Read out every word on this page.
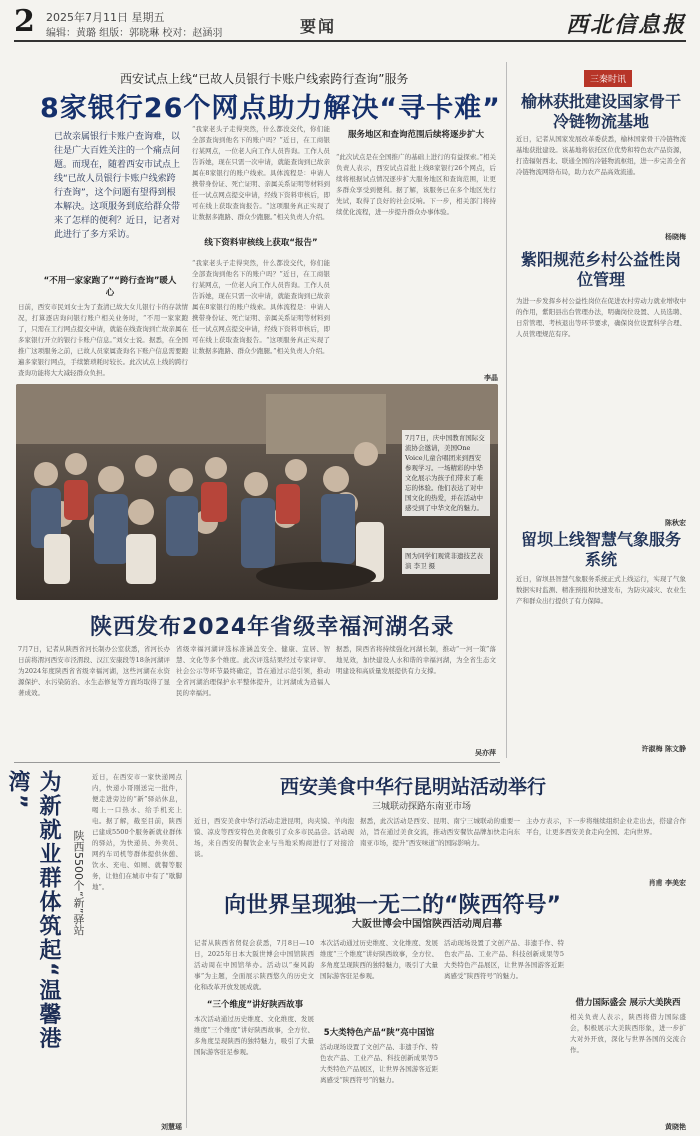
2 2025年7月11日 星期五
编辑：黄璐 组版：郭晓琳 校对：赵涵羽	要闻	西北信息报
西安试点上线“已故人员银行卡账户线索跨行查询”服务
8家银行26个网点助力解决“寻卡难”
已故亲属银行卡账户查询难，以往是广大百姓关注的一个痛点问题。而现在，随着西安市试点上线“已故人员银行卡账户线索跨行查询”，这个问题有望得到根本解决。这项服务到底给群众带来了怎样的便利？近日，记者对此进行了多方采访。
“不用一家家跑了”“跨行查询”暖人心
日前，西安市民刘女士为了查清已故大女儿银行卡的存款情况，打算逐店询问银行账户相关业务时，“不用一家家跑了，只需在工行网点提交申请，就能在线查询到亡故亲属在多家银行开立的银行卡账户信息。”刘女士说。据悉，在全国推广这项服务之前，已故人员家属查询名下账户信息需要跑遍多家银行网点，手续繁琐耗时较长。此次试点上线的跨行查询功能将大大减轻群众负担。
“我家老头子走得突然，什么都没交代，你们能全部查询到他名下的账户吗？”近日，在工商银行某网点，一位老人向工作人员咨询。工作人员告诉她，现在只需一次申请，就能查询到已故亲属在8家银行的账户线索。具体流程是：申请人携带身份证、死亡证明、亲属关系证明等材料到任一试点网点提交申请，经线下资料审核后，即可在线上获取查询报告。“这项服务真正实现了让数据多跑路、群众少跑腿。”相关负责人介绍。
线下资料审核线上获取“报告”
“我家老头子走得突然，什么都没交代，你们能全部查询到他名下的账户吗？”近日，在工商银行某网点，一位老人向工作人员咨询。工作人员告诉她，现在只需一次申请，就能查询到已故亲属在8家银行的账户线索。具体流程是：申请人携带身份证、死亡证明、亲属关系证明等材料到任一试点网点提交申请，经线下资料审核后，即可在线上获取查询报告。“这项服务真正实现了让数据多跑路、群众少跑腿。”相关负责人介绍。
服务地区和查询范围后续将逐步扩大
“此次试点是在全国推广的基础上进行的有益探索。”相关负责人表示，西安试点首批上线8家银行26个网点，后续将根据试点情况逐步扩大服务地区和查询范围，让更多群众享受到便利。据了解，该服务已在多个地区先行先试，取得了良好的社会反响。下一步，相关部门将持续优化流程，进一步提升群众办事体验。
李晶
7月7日，庆中国教育国际交流协会邀请，美国One Voice儿童合唱团来到西安参观学习。一场精彩的中华文化展示为孩子们带来了难忘的体验。他们表达了对中国文化的热爱，并在活动中感受到了中华文化的魅力。
图为同学们观赏非遗技艺表演 李卫 摄
陕西发布2024年省级幸福河湖名录
7月7日，记者从陕西省河长制办公室获悉，省河长办日前将渭河西安市泾渭段、汉江安康段等18条河湖评为2024年度陕西省省级幸福河湖，这些河湖在水资源保护、水污染防治、水生态修复等方面均取得了显著成效。
省级幸福河湖评选标准涵盖安全、健康、宜居、智慧、文化等多个维度。此次评选结果经过专家评审、社会公示等环节最终确定，旨在通过示范引领，推动全省河湖治理保护水平整体提升，让河湖成为造福人民的幸福河。
据悉，陕西省将持续强化河湖长制，推动“一河一策”落地见效，加快建设人水和谐的幸福河湖，为全省生态文明建设和高质量发展提供有力支撑。
吴亦萍
为新就业群体筑起“温馨港湾”
陕西5500个“新”驿站
近日，在西安市一家快递网点内，快递小哥刚送完一批件，便走进旁边的“新”驿站休息，喝上一口热水、给手机充上电。据了解，截至目前，陕西已建成5500个服务新就业群体的驿站，为快递员、外卖员、网约车司机等群体提供休憩、饮水、充电、如厕、就餐等服务，让他们在城市中有了“歇脚地”。
刘慧瑶
西安美食中华行昆明站活动举行
三城联动探路东南亚市场
近日，西安美食中华行活动走进昆明，肉夹馍、羊肉泡馍、凉皮等西安特色美食吸引了众多市民品尝。活动现场，来自西安的餐饮企业与当地采购商进行了对接洽谈。
据悉，此次活动是西安、昆明、南宁三城联动的重要一站，旨在通过美食交流，推动西安餐饮品牌加快走向东南亚市场，提升“西安味道”的国际影响力。
主办方表示，下一步将继续组织企业走出去，搭建合作平台，让更多西安美食走向全国、走向世界。
肖甫 李美宏
向世界呈现独一无二的“陕西符号”
大阪世博会中国馆陕西活动周启幕
记者从陕西省贸促会获悉，7月8日—10日，2025年日本大阪世博会中国馆陕西活动周在中国馆举办。活动以“秦风韵事”为主题，全面展示陕西悠久的历史文化和改革开放发展成就。
“三个维度”讲好陕西故事
本次活动通过历史维度、文化维度、发展维度“三个维度”讲好陕西故事，全方位、多角度呈现陕西的独特魅力，吸引了大量国际游客驻足参观。
本次活动通过历史维度、文化维度、发展维度“三个维度”讲好陕西故事，全方位、多角度呈现陕西的独特魅力，吸引了大量国际游客驻足参观。
5大类特色产品“陕”亮中国馆
活动现场设置了文创产品、非遗手作、特色农产品、工业产品、科技创新成果等5大类特色产品展区，让世界各国游客近距离感受“陕西符号”的魅力。
活动现场设置了文创产品、非遗手作、特色农产品、工业产品、科技创新成果等5大类特色产品展区，让世界各国游客近距离感受“陕西符号”的魅力。
借力国际盛会 展示大美陕西
相关负责人表示，陕西将借力国际盛会，积极展示大美陕西形象，进一步扩大对外开放，深化与世界各国的交流合作。
黄晓艳
三秦时讯
榆林获批建设国家骨干冷链物流基地
近日，记者从国家发展改革委获悉，榆林国家骨干冷链物流基地获批建设。该基地将依托区位优势和特色农产品资源，打造辐射西北、联通全国的冷链物流枢纽，进一步完善全省冷链物流网络布局，助力农产品高效流通。
杨晓梅
紫阳规范乡村公益性岗位管理
为进一步发挥乡村公益性岗位在促进农村劳动力就业增收中的作用，紫阳县出台管理办法，明确岗位设置、人员选聘、日常管理、考核退出等环节要求，确保岗位设置科学合理、人员管理规范有序。
陈秋宏
留坝上线智慧气象服务系统
近日，留坝县智慧气象服务系统正式上线运行，实现了气象数据实时监测、精准预报和快速发布，为防灾减灾、农业生产和群众出行提供了有力保障。
许淑梅 陈文静
